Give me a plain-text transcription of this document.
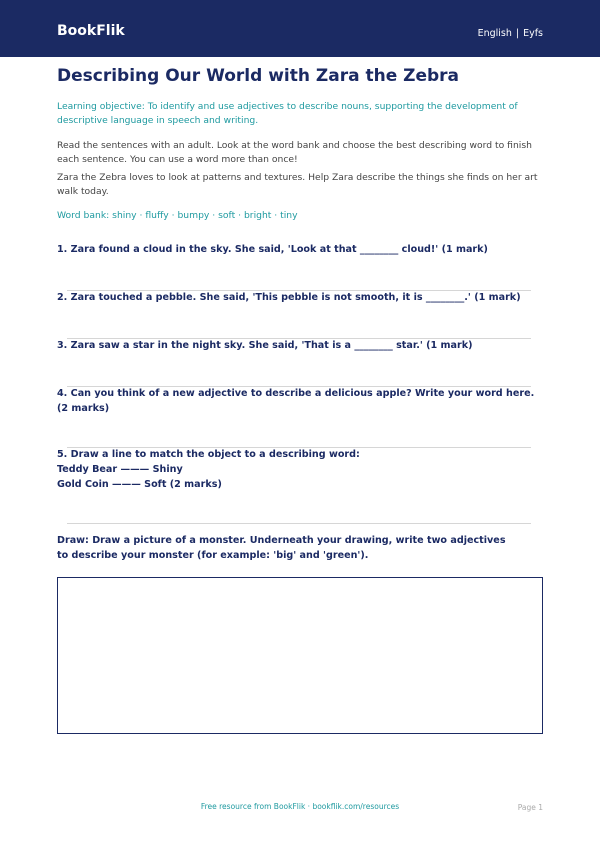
BookFlik	English | Eyfs
Describing Our World with Zara the Zebra
Learning objective: To identify and use adjectives to describe nouns, supporting the development of descriptive language in speech and writing.
Read the sentences with an adult. Look at the word bank and choose the best describing word to finish each sentence. You can use a word more than once!
Zara the Zebra loves to look at patterns and textures. Help Zara describe the things she finds on her art walk today.
Word bank: shiny · fluffy · bumpy · soft · bright · tiny
1. Zara found a cloud in the sky. She said, 'Look at that ________ cloud!' (1 mark)
2. Zara touched a pebble. She said, 'This pebble is not smooth, it is ________.' (1 mark)
3. Zara saw a star in the night sky. She said, 'That is a ________ star.' (1 mark)
4. Can you think of a new adjective to describe a delicious apple? Write your word here. (2 marks)
5. Draw a line to match the object to a describing word:
Teddy Bear ——— Shiny
Gold Coin ——— Soft (2 marks)
Draw: Draw a picture of a monster. Underneath your drawing, write two adjectives to describe your monster (for example: 'big' and 'green').
Free resource from BookFlik · bookflik.com/resources	Page 1
